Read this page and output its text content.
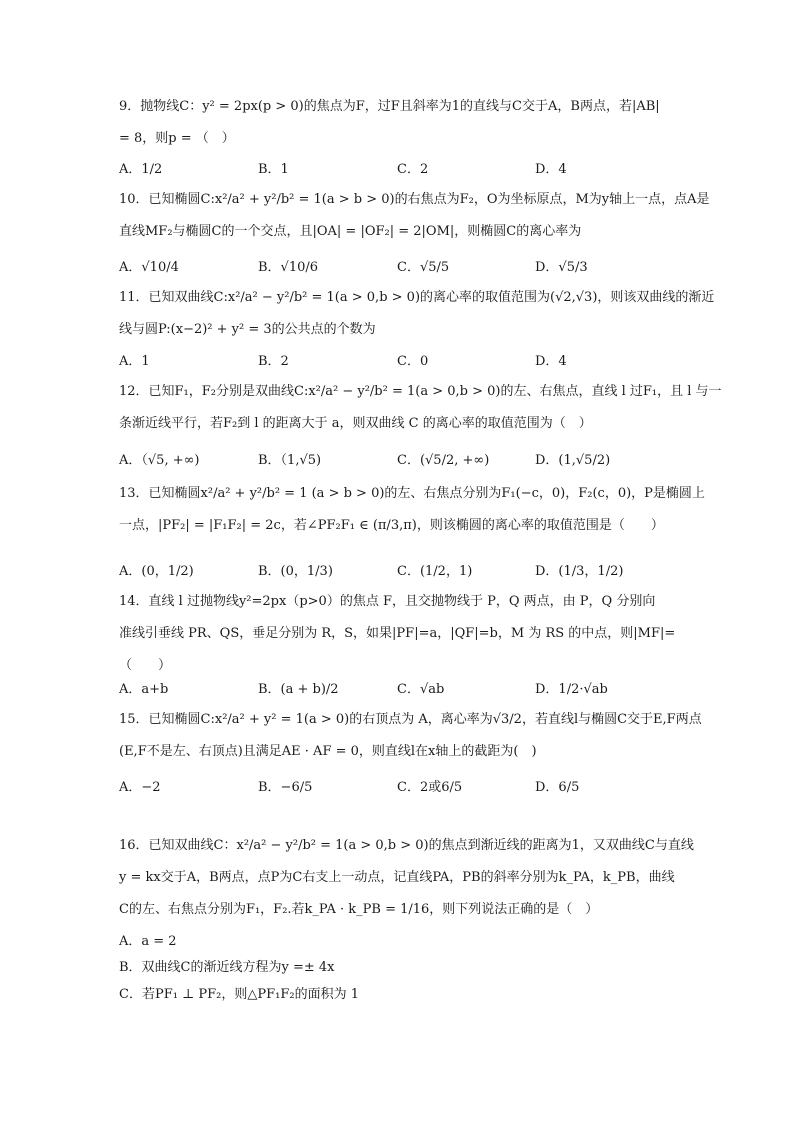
9．抛物线C：y² = 2px(p > 0)的焦点为F，过F且斜率为1的直线与C交于A，B两点，若|AB|
= 8，则p = （　）
A．1/2	B．1	C．2	D．4
10．已知椭圆C:x²/a² + y²/b² = 1(a > b > 0)的右焦点为F₂，O为坐标原点，M为y轴上一点，点A是
直线MF₂与椭圆C的一个交点，且|OA| = |OF₂| = 2|OM|，则椭圆C的离心率为
A．√10/4	B．√10/6	C．√5/5	D．√5/3
11．已知双曲线C:x²/a² − y²/b² = 1(a > 0,b > 0)的离心率的取值范围为(√2,√3)，则该双曲线的渐近
线与圆P:(x−2)² + y² = 3的公共点的个数为
A．1	B．2	C．0	D．4
12．已知F₁，F₂分别是双曲线C:x²/a² − y²/b² = 1(a > 0,b > 0)的左、右焦点，直线 l 过F₁，且 l 与一
条渐近线平行，若F₂到 l 的距离大于 a，则双曲线 C 的离心率的取值范围为（　）
A．（√5, +∞)	B．（1,√5)	C．(√5/2, +∞)	D．(1,√5/2)
13．已知椭圆x²/a² + y²/b² = 1 (a > b > 0)的左、右焦点分别为F₁(−c，0)，F₂(c，0)，P是椭圆上
一点，|PF₂| = |F₁F₂| = 2c，若∠PF₂F₁ ∈ (π/3,π)，则该椭圆的离心率的取值范围是（　　）
A．(0，1/2)	B．(0，1/3)	C．(1/2，1)	D．(1/3，1/2)
14．直线 l 过抛物线y²=2px（p>0）的焦点 F，且交抛物线于 P，Q 两点，由 P，Q 分别向
准线引垂线 PR、QS，垂足分别为 R，S，如果|PF|=a，|QF|=b，M 为 RS 的中点，则|MF|=
（　　）
A．a+b	B．(a + b)/2	C．√ab	D．1/2·√ab
15．已知椭圆C:x²/a² + y² = 1(a > 0)的右顶点为 A，离心率为√3/2，若直线l与椭圆C交于E,F两点
(E,F不是左、右顶点)且满足AE · AF = 0，则直线l在x轴上的截距为(　)
A．−2	B．−6/5	C．2或6/5	D．6/5
16．已知双曲线C：x²/a² − y²/b² = 1(a > 0,b > 0)的焦点到渐近线的距离为1，又双曲线C与直线
y = kx交于A，B两点，点P为C右支上一动点，记直线PA，PB的斜率分别为k_PA，k_PB，曲线
C的左、右焦点分别为F₁，F₂.若k_PA · k_PB = 1/16，则下列说法正确的是（　）
A．a = 2
B．双曲线C的渐近线方程为y =± 4x
C．若PF₁ ⊥ PF₂，则△PF₁F₂的面积为 1
